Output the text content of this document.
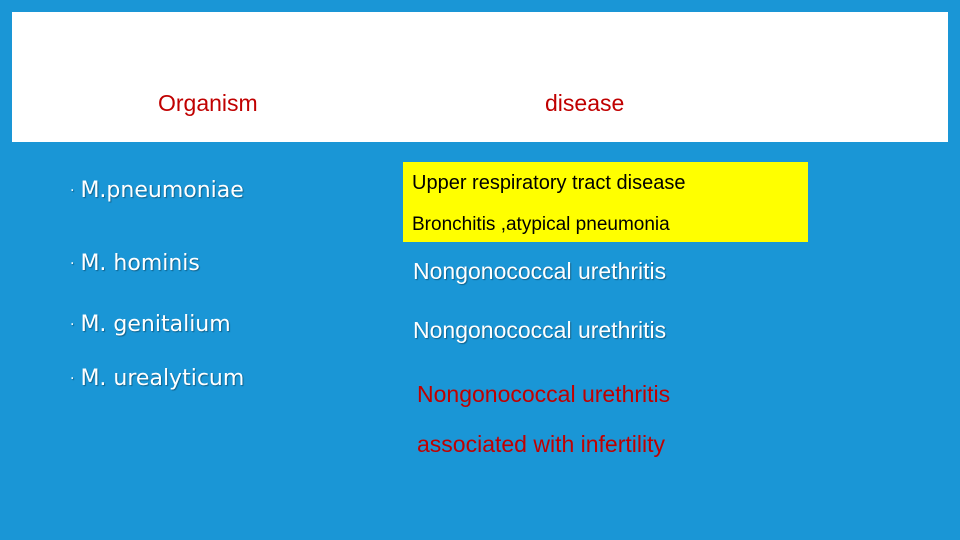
Organism	disease
· M.pneumoniae
· M. hominis
· M. genitalium
· M. urealyticum
Upper respiratory tract disease
Bronchitis ,atypical pneumonia
Nongonococcal urethritis
Nongonococcal urethritis
Nongonococcal urethritis
associated with infertility
